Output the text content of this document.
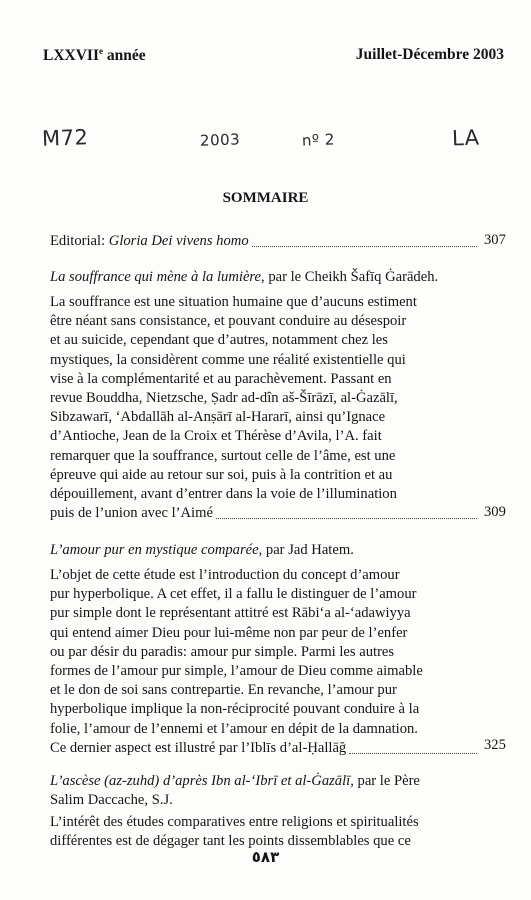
LXXVIIe année	Juillet-Décembre 2003
M72	2003	nº 2	LA
SOMMAIRE
Editorial: Gloria Dei vivens homo	307
La souffrance qui mène à la lumière, par le Cheikh Šafīq Ġarādeh.
La souffrance est une situation humaine que d’aucuns estiment
être néant sans consistance, et pouvant conduire au désespoir
et au suicide, cependant que d’autres, notamment chez les
mystiques, la considèrent comme une réalité existentielle qui
vise à la complémentarité et au parachèvement. Passant en
revue Bouddha, Nietzsche, Ṣadr ad-dîn aš-Šīrāzī, al-Ġazālī,
Sibzawarī, ‘Abdallāh al-Anṣārī al-Hararī, ainsi qu’Ignace
d’Antioche, Jean de la Croix et Thérèse d’Avila, l’A. fait
remarquer que la souffrance, surtout celle de l’âme, est une
épreuve qui aide au retour sur soi, puis à la contrition et au
dépouillement, avant d’entrer dans la voie de l’illumination
puis de l’union avec l’Aimé	309
L’amour pur en mystique comparée, par Jad Hatem.
L’objet de cette étude est l’introduction du concept d’amour
pur hyperbolique. A cet effet, il a fallu le distinguer de l’amour
pur simple dont le représentant attitré est Rābi‘a al-‘adawiyya
qui entend aimer Dieu pour lui-même non par peur de l’enfer
ou par désir du paradis: amour pur simple. Parmi les autres
formes de l’amour pur simple, l’amour de Dieu comme aimable
et le don de soi sans contrepartie. En revanche, l’amour pur
hyperbolique implique la non-réciprocité pouvant conduire à la
folie, l’amour de l’ennemi et l’amour en dépit de la damnation.
Ce dernier aspect est illustré par l’Iblīs d’al-Ḥallāğ	325
L’ascèse (az-zuhd) d’après Ibn al-‘Ibrī et al-Ġazālī, par le Père
Salim Daccache, S.J.
L’intérêt des études comparatives entre religions et spiritualités
différentes est de dégager tant les points dissemblables que ce
٥٨٣
